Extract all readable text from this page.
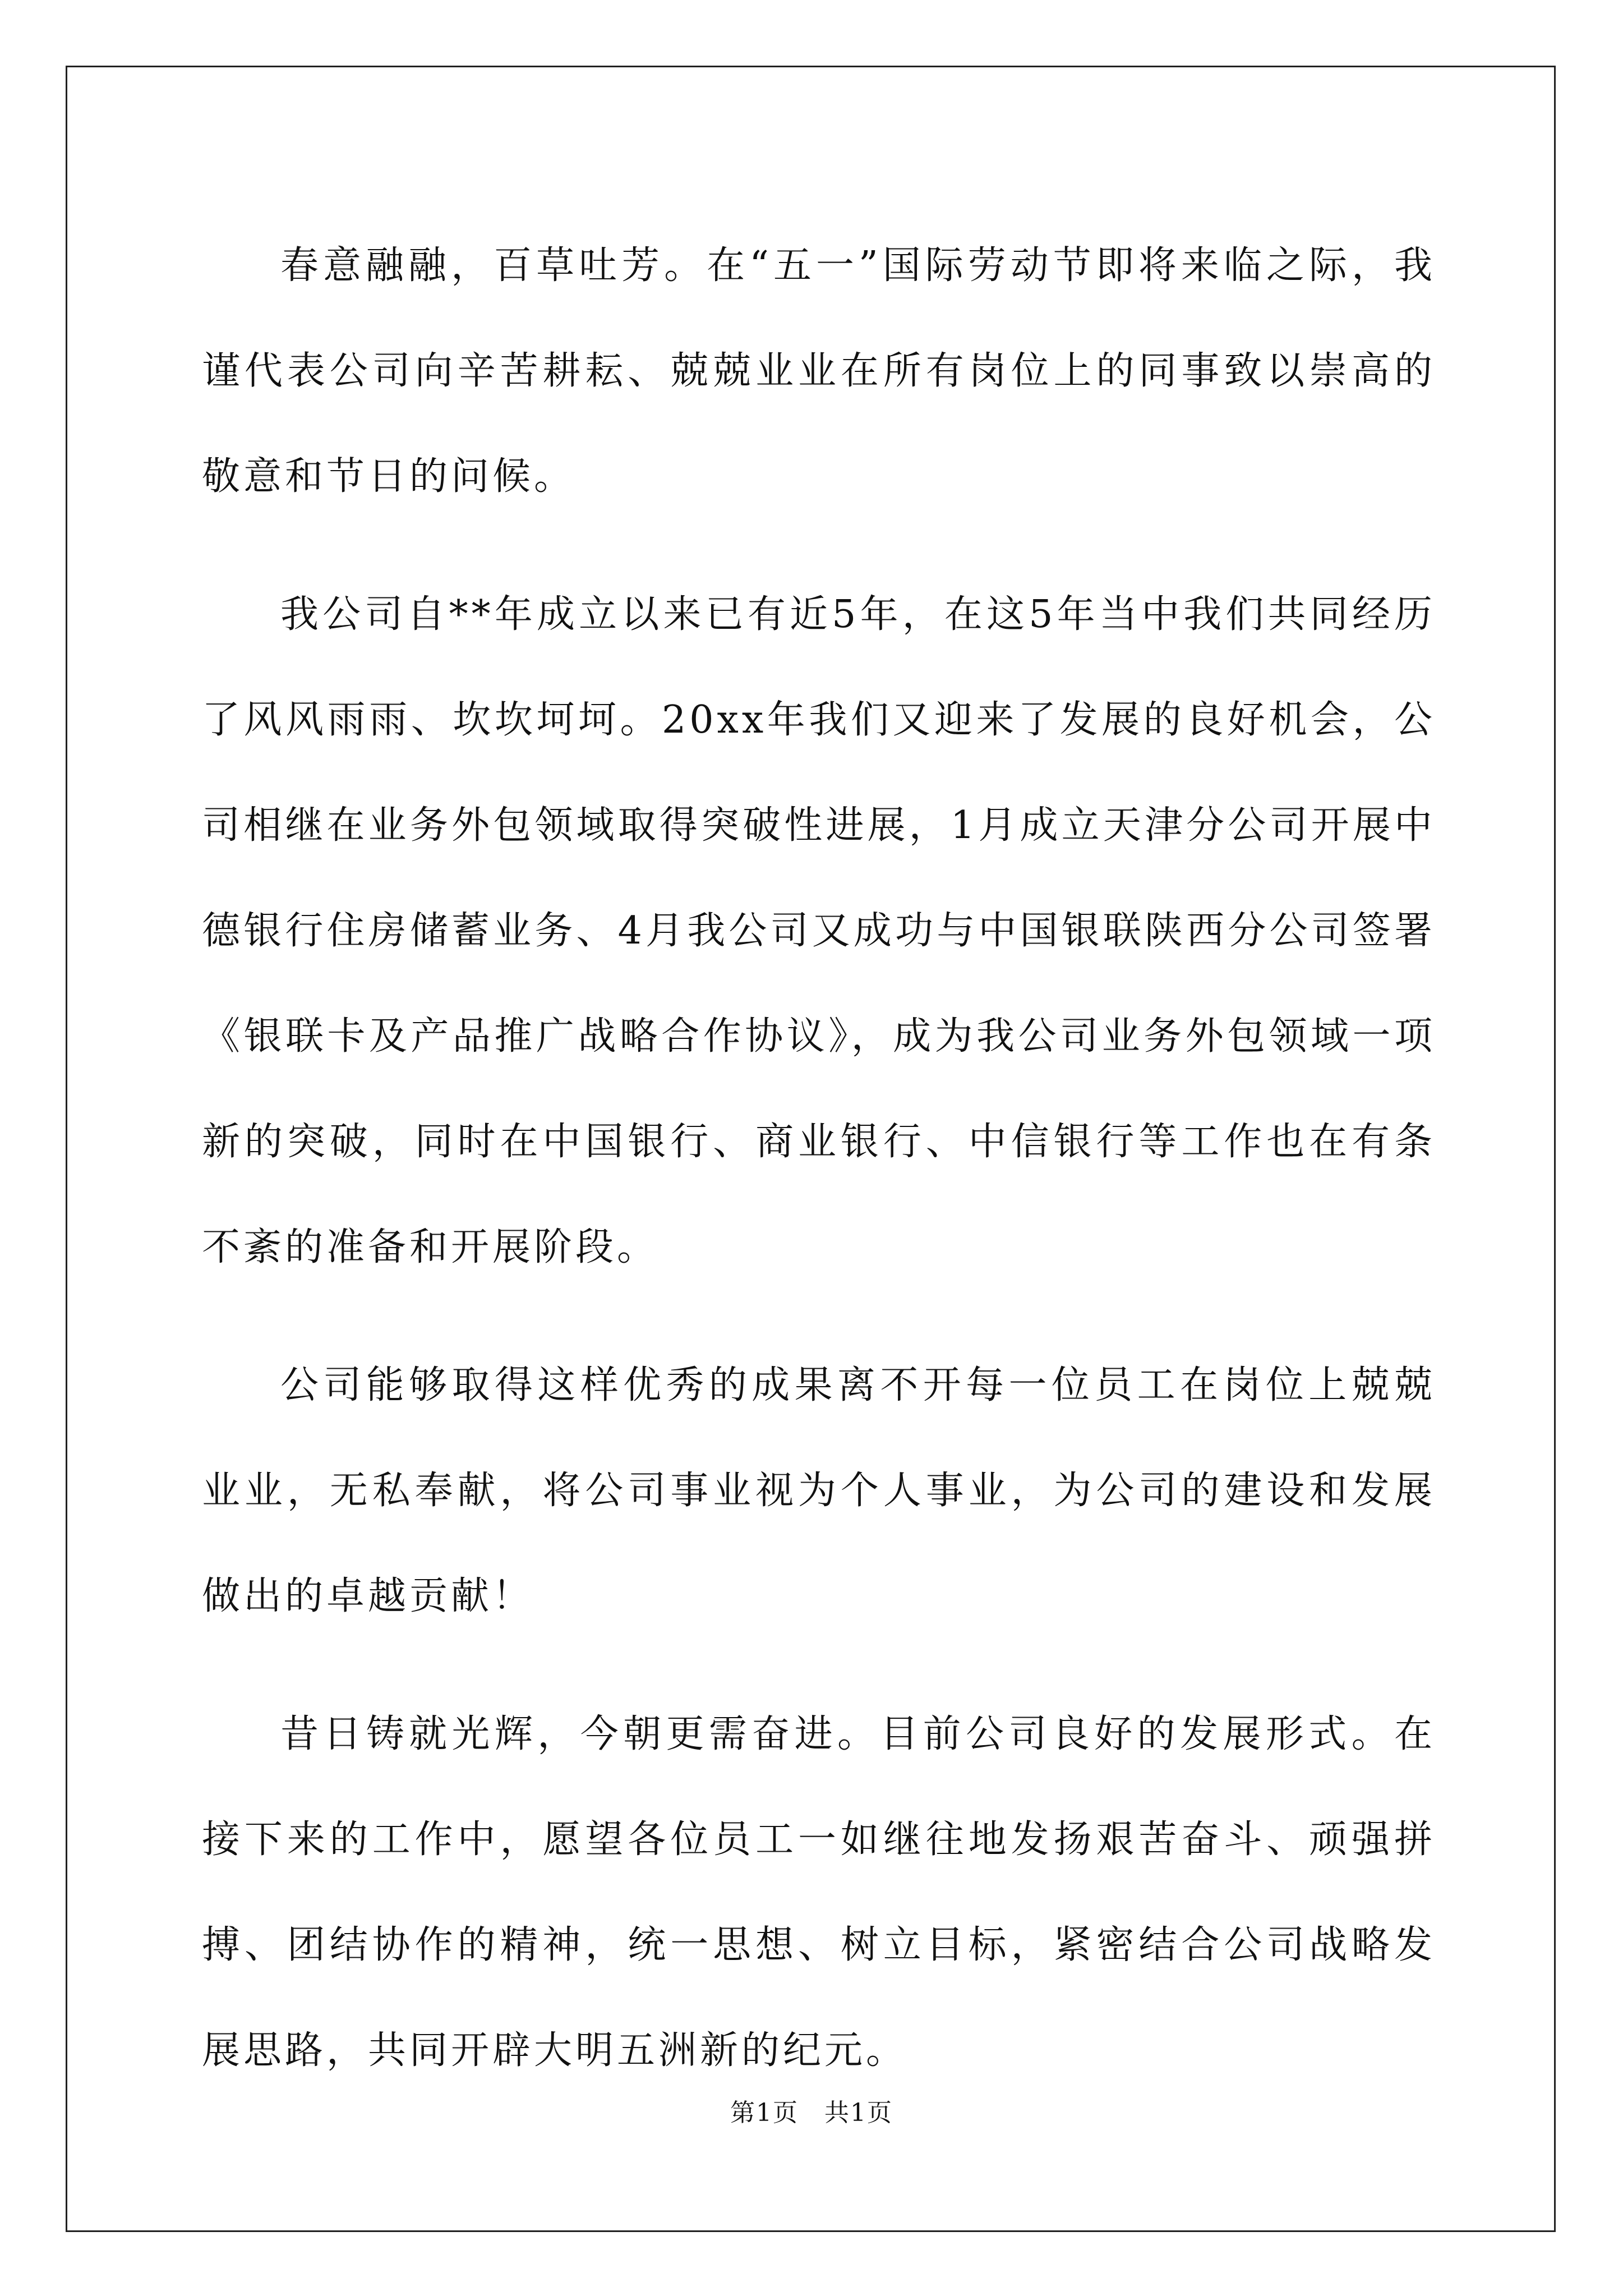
春意融融，百草吐芳。在“五一”国际劳动节即将来临之际，我谨代表公司向辛苦耕耘、兢兢业业在所有岗位上的同事致以崇高的敬意和节日的问候。

我公司自**年成立以来已有近5年，在这5年当中我们共同经历了风风雨雨、坎坎坷坷。20xx年我们又迎来了发展的良好机会，公司相继在业务外包领域取得突破性进展，1月成立天津分公司开展中德银行住房储蓄业务、4月我公司又成功与中国银联陕西分公司签署《银联卡及产品推广战略合作协议》，成为我公司业务外包领域一项新的突破，同时在中国银行、商业银行、中信银行等工作也在有条不紊的准备和开展阶段。

公司能够取得这样优秀的成果离不开每一位员工在岗位上兢兢业业，无私奉献，将公司事业视为个人事业，为公司的建设和发展做出的卓越贡献！

昔日铸就光辉，今朝更需奋进。目前公司良好的发展形式。在接下来的工作中，愿望各位员工一如继往地发扬艰苦奋斗、顽强拼搏、团结协作的精神，统一思想、树立目标，紧密结合公司战略发展思路，共同开辟大明五洲新的纪元。

第1页　共1页
